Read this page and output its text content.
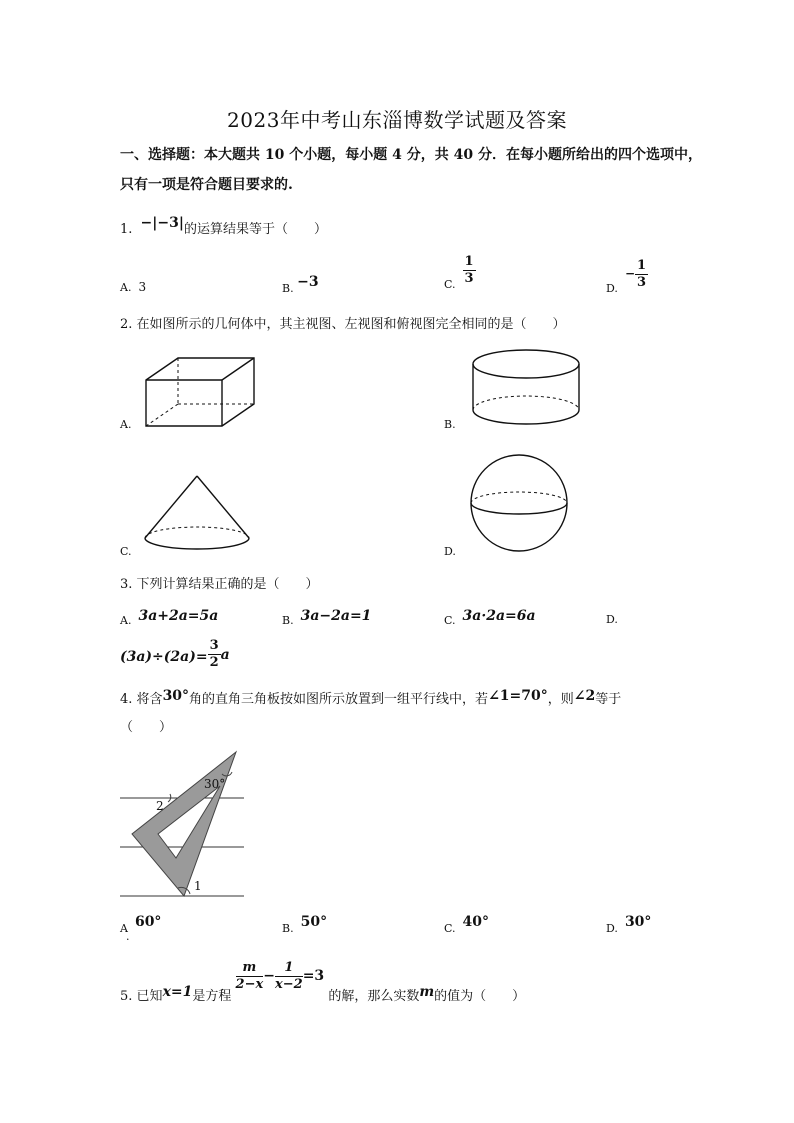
2023年中考山东淄博数学试题及答案
一、选择题：本大题共 10 个小题，每小题 4 分，共 40 分．在每小题所给出的四个选项中，
只有一项是符合题目要求的.
1. −|−3|的运算结果等于（　　）
A. 3	B. −3	C. $\frac{1}{3}$
D.  − $\frac{1}{3}$
2. 在如图所示的几何体中，其主视图、左视图和俯视图完全相同的是（　　）
A.	B.
C.	D.
3. 下列计算结果正确的是（　　）
A. 3a+2a=5a	B. 3a−2a=1	C. 3a·2a=6a	D.
$(3a)\div(2a)= \frac{3}{2}$ a
4. 将含30°角的直角三角板按如图所示放置到一组平行线中，若∠1=70°，则∠2等于
（　　）
30°
2
1
A 60°
.
B. 50°	C. 40°	D. 30°
5. 已知x=1是方程
$\frac{m}{2-x} - \frac{1}{x-2} =3$ 的解，那么实数m的值为（　　）
